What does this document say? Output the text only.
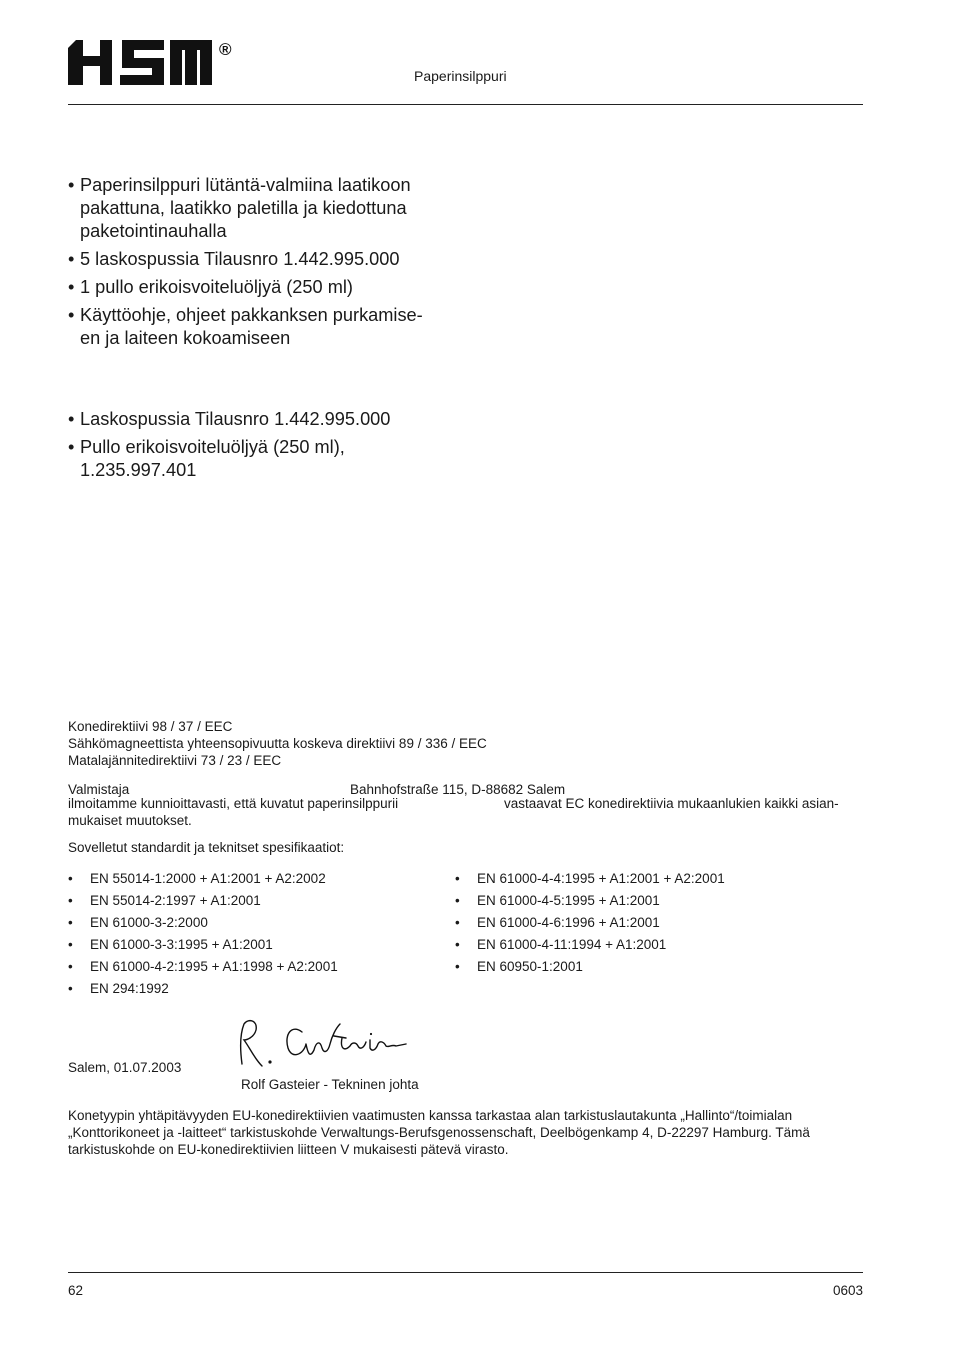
®
Paperinsilppuri
• Paperinsilppuri lütäntä-valmiina laatikoon
pakattuna, laatikko paletilla ja kiedottuna
paketointinauhalla
• 5 laskospussia Tilausnro 1.442.995.000
• 1 pullo erikoisvoiteluöljyä (250 ml)
• Käyttöohje, ohjeet pakkanksen purkamise-
en ja laiteen kokoamiseen
• Laskospussia Tilausnro 1.442.995.000
• Pullo erikoisvoiteluöljyä (250 ml),
1.235.997.401
Konedirektiivi 98 / 37 / EEC
Sähkömagneettista yhteensopivuutta koskeva direktiivi 89 / 336 / EEC
Matalajännitedirektiivi 73 / 23 / EEC
Valmistaja	Bahnhofstraße 115, D-88682 Salem
ilmoitamme kunnioittavasti, että kuvatut paperinsilppurii	vastaavat EC konedirektiivia mukaanlukien kaikki asian-
mukaiset muutokset.
Sovelletut standardit ja teknitset spesifikaatiot:
• EN 55014-1:2000 + A1:2001 + A2:2002
• EN 55014-2:1997 + A1:2001
• EN 61000-3-2:2000
• EN 61000-3-3:1995 + A1:2001
• EN 61000-4-2:1995 + A1:1998 + A2:2001
• EN 294:1992
• EN 61000-4-4:1995 + A1:2001 + A2:2001
• EN 61000-4-5:1995 + A1:2001
• EN 61000-4-6:1996 + A1:2001
• EN 61000-4-11:1994 + A1:2001
• EN 60950-1:2001
Salem, 01.07.2003
Rolf Gasteier - Tekninen johta
Konetyypin yhtäpitävyyden EU-konedirektiivien vaatimusten kanssa tarkastaa alan tarkistuslautakunta „Hallinto“/toimialan
„Konttorikoneet ja -laitteet“ tarkistuskohde Verwaltungs-Berufsgenossenschaft, Deelbögenkamp 4, D-22297 Hamburg. Tämä
tarkistuskohde on EU-konedirektiivien liitteen V mukaisesti pätevä virasto.
62	0603
